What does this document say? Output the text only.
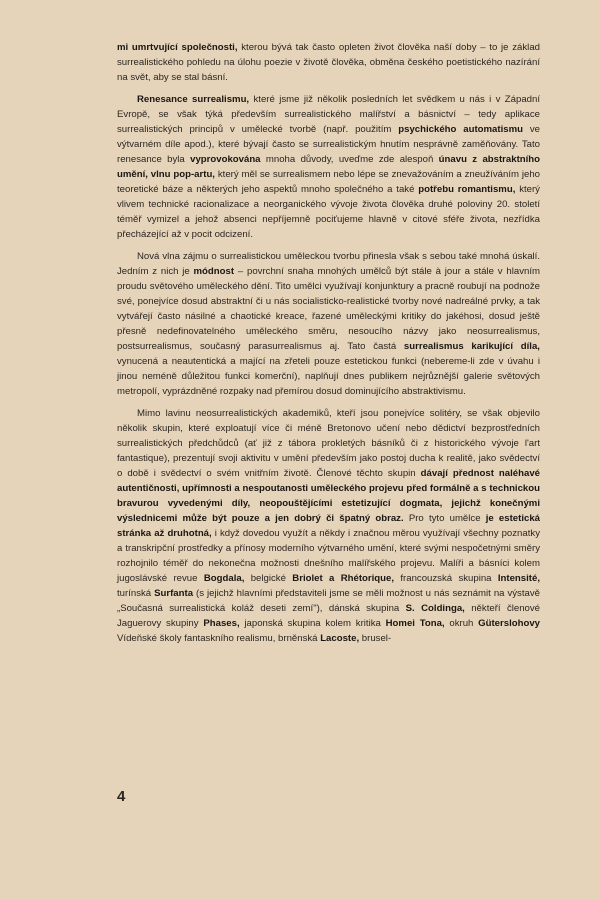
mi umrtvující společnosti, kterou bývá tak často opleten život člověka naší doby – to je základ surrealistického pohledu na úlohu poezie v životě člověka, obměna českého poetistického nazírání na svět, aby se stal básní.

Renesance surrealismu, které jsme již několik posledních let svědkem u nás i v Západní Evropě, se však týká především surrealistického malířství a básnictví – tedy aplikace surrealistických principů v umělecké tvorbě (např. použitím psychického automatismu ve výtvarném díle apod.), které bývají často se surrealistickým hnutím nesprávně zaměňovány. Tato renesance byla vyprovokována mnoha důvody, uveďme zde alespoň únavu z abstraktního umění, vlnu pop-artu, který měl se surrealismem nebo lépe se znevažováním a zneužíváním jeho teoretické báze a některých jeho aspektů mnoho společného a také potřebu romantismu, který vlivem technické racionalizace a neorganického vývoje života člověka druhé poloviny 20. století téměř vymizel a jehož absenci nepříjemně pociťujeme hlavně v citové sféře života, nezřídka přecházející až v pocit odcizení.

Nová vlna zájmu o surrealistickou uměleckou tvorbu přinesla však s sebou také mnohá úskalí. Jedním z nich je módnost – povrchní snaha mnohých umělců být stále à jour a stále v hlavním proudu světového uměleckého dění. Tito umělci využívají konjunktury a pracně roubují na podnože své, ponejvíce dosud abstraktní či u nás socialisticko-realistické tvorby nové nadreálné prvky, a tak vytvářejí často násilné a chaotické kreace, řazené uměleckými kritiky do jakéhosi, dosud ještě přesně nedefinovatelného uměleckého směru, nesoucího názvy jako neosurrealismus, postsurrealismus, současný parasurrealismus aj. Tato častá surrealismus karikující díla, vynucená a neautentická a mající na zřeteli pouze estetickou funkci (nebereme-li zde v úvahu i jinou neméně důležitou funkci komerční), naplňují dnes publikem nejrůznější galerie světových metropolí, vyprázdněné rozpaky nad přemírou dosud dominujícího abstraktivismu.

Mimo lavinu neosurrealistických akademiků, kteří jsou ponejvíce solitéry, se však objevilo několik skupin, které exploatují více či méně Bretonovo učení nebo dědictví bezprostředních surrealistických předchůdců (ať již z tábora prokletých básníků či z historického vývoje l'art fantastique), prezentují svoji aktivitu v umění především jako postoj ducha k realitě, jako svědectví o době i svědectví o svém vnitřním životě. Členové těchto skupin dávají přednost naléhavé autentičnosti, upřímnosti a nespoutanosti uměleckého projevu před formálně a s technickou bravurou vyvedenými díly, neopouštějícími estetizující dogmata, jejichž konečnými výslednicemi může být pouze a jen dobrý či špatný obraz. Pro tyto umělce je estetická stránka až druhotná, i když dovedou využít a někdy i značnou měrou využívají všechny poznatky a transkripční prostředky a přínosy moderního výtvarného umění, které svými nespočetnými směry rozhojnilo téměř do nekonečna možnosti dnešního malířského projevu. Malíři a básníci kolem jugoslávské revue Bogdala, belgické Briolet a Rhétorique, francouzská skupina Intensité, turínská Surfanta (s jejichž hlavními představiteli jsme se měli možnost u nás seznámit na výstavě „Současná surrealistická koláž deseti zemí"), dánská skupina S. Coldinga, někteří členové Jaguerovy skupiny Phases, japonská skupina kolem kritika Homei Tona, okruh Güterslohovy Vídeňské školy fantaskního realismu, brněnská Lacoste, brusel-

4
